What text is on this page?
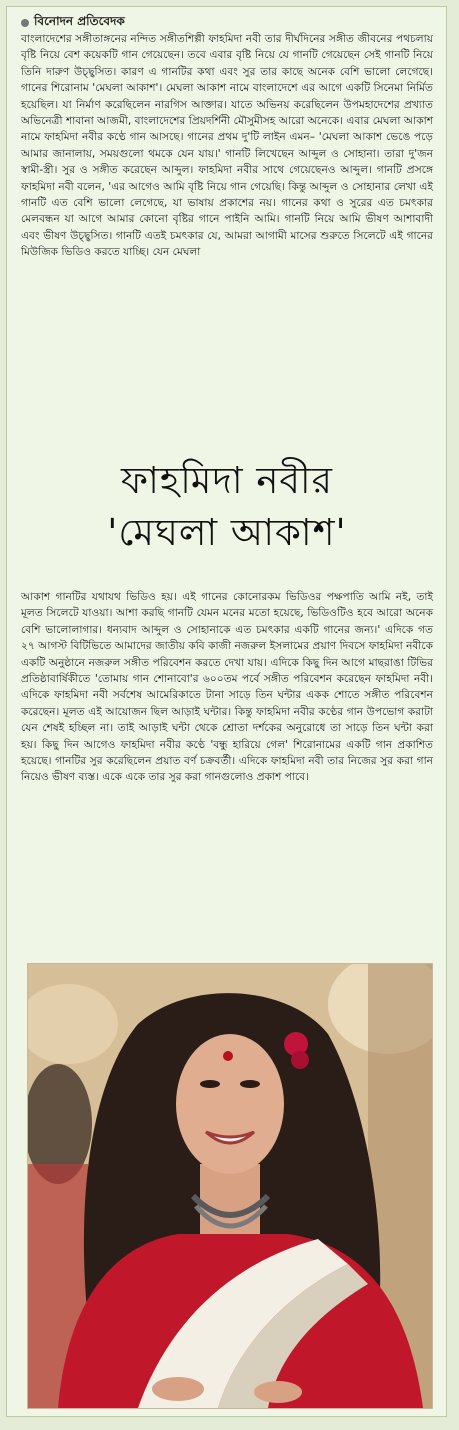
বিনোদন প্রতিবেদক

বাংলাদেশের সঙ্গীতাঙ্গনের নন্দিত সঙ্গীতশিল্পী ফাহমিদা নবী তার দীর্ঘদিনের সঙ্গীত জীবনের পথচলায় বৃষ্টি নিয়ে বেশ কয়েকটি গান গেয়েছেন। তবে এবার বৃষ্টি নিয়ে যে গানটি গেয়েছেন সেই গানটি নিয়ে তিনি দারুণ উচ্ছ্বসিত। কারণ এ গানটির কথা এবং সুর তার কাছে অনেক বেশি ভালো লেগেছে। গানের শিরোনাম 'মেঘলা আকাশ'। মেঘলা আকাশ নামে বাংলাদেশে এর আগে একটি সিনেমা নির্মিত হয়েছিল। যা নির্মাণ করেছিলেন নারগিস আক্তার। যাতে অভিনয় করেছিলেন উপমহাদেশের প্রখ্যাত অভিনেত্রী শাবানা আজমী, বাংলাদেশের প্রিয়দর্শিনী মৌসুমীসহ আরো অনেকে। এবার মেঘলা আকাশ নামে ফাহমিদা নবীর কণ্ঠে গান আসছে। গানের প্রথম দু'টি লাইন এমন– 'মেঘলা আকাশ ভেঙে পড়ে আমার জানালায়, সময়গুলো থমকে যেন যায়।' গানটি লিখেছেন আব্দুল ও সোহানা। তারা দু'জন স্বামী-স্ত্রী। সুর ও সঙ্গীত করেছেন আব্দুল। ফাহমিদা নবীর সাথে গেয়েছেনও আব্দুল। গানটি প্রসঙ্গে ফাহমিদা নবী বলেন, 'এর আগেও আমি বৃষ্টি নিয়ে গান গেয়েছি। কিন্তু আব্দুল ও সোহানার লেখা এই গানটি এত বেশি ভালো লেগেছে, যা ভাষায় প্রকাশের নয়। গানের কথা ও সুরের এত চমৎকার মেলবন্ধন যা আগে আমার কোনো বৃষ্টির গানে পাইনি আমি। গানটি নিয়ে আমি ভীষণ আশাবাদী এবং ভীষণ উচ্ছ্বসিত। গানটি এতই চমৎকার যে, আমরা আগামী মাসের শুরুতে সিলেটে এই গানের মিউজিক ভিডিও করতে যাচ্ছি। যেন মেঘলা

ফাহমিদা নবীর
'মেঘলা আকাশ'

আকাশ গানটির যথাযথ ভিডিও হয়। এই গানের কোনোরকম ভিডিওর পক্ষপাতি আমি নই, তাই মূলত সিলেটে যাওয়া। আশা করছি গানটি যেমন মনের মতো হয়েছে, ভিডিওটিও হবে আরো অনেক বেশি ভালোলাগার। ধন্যবাদ আব্দুল ও সোহানাকে এত চমৎকার একটি গানের জন্য।' এদিকে গত ২৭ আগস্ট বিটিভিতে আমাদের জাতীয় কবি কাজী নজরুল ইসলামের প্রয়াণ দিবসে ফাহমিদা নবীকে একটি অনুষ্ঠানে নজরুল সঙ্গীত পরিবেশন করতে দেখা যায়। এদিকে কিছু দিন আগে মাছরাঙা টিভির প্রতিষ্ঠাবার্ষিকীতে 'তোমায় গান শোনাবো'র ৬০০তম পর্বে সঙ্গীত পরিবেশন করেছেন ফাহমিদা নবী। এদিকে ফাহমিদা নবী সর্বশেষ আমেরিকাতে টানা সাড়ে তিন ঘন্টার একক শোতে সঙ্গীত পরিবেশন করেছেন। মূলত এই আয়োজন ছিল আড়াই ঘন্টার। কিন্তু ফাহমিদা নবীর কণ্ঠের গান উপভোগ করাটা যেন শেষই হচ্ছিল না। তাই আড়াই ঘন্টা থেকে শ্রোতা দর্শকের অনুরোধে তা সাড়ে তিন ঘন্টা করা হয়। কিছু দিন আগেও ফাহমিদা নবীর কণ্ঠে 'বন্ধু হারিয়ে গেল' শিরোনামের একটি গান প্রকাশিত হয়েছে। গানটির সুর করেছিলেন প্রয়াত বর্ণ চক্রবর্তী। এদিকে ফাহমিদা নবী তার নিজের সুর করা গান নিয়েও ভীষণ ব্যস্ত। একে একে তার সুর করা গানগুলোও প্রকাশ পাবে।
